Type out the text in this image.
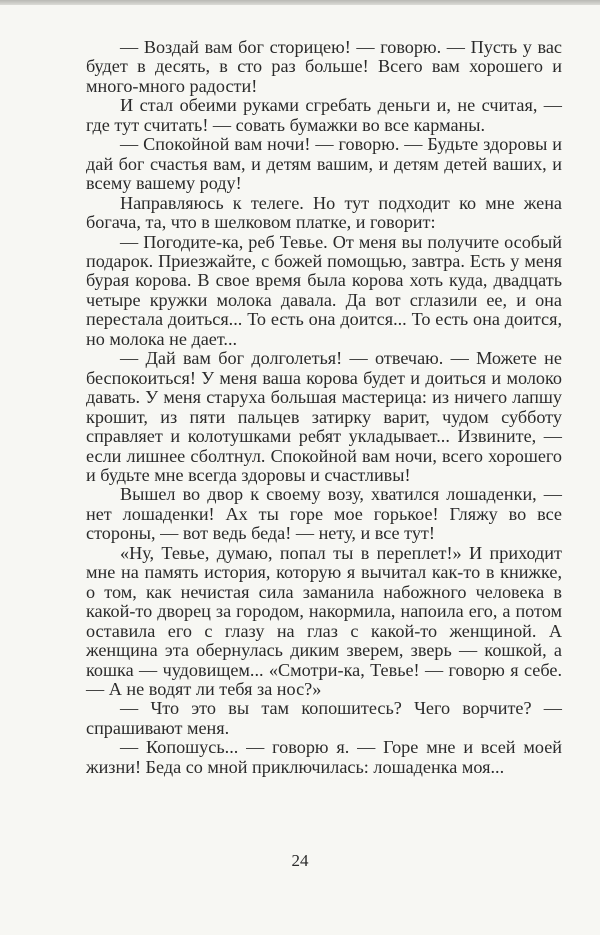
— Воздай вам бог сторицею! — говорю. — Пусть у вас будет в десять, в сто раз больше! Всего вам хорошего и много-много радости!

И стал обеими руками сгребать деньги и, не считая, — где тут считать! — совать бумажки во все карманы.

— Спокойной вам ночи! — говорю. — Будьте здоровы и дай бог счастья вам, и детям вашим, и детям детей ваших, и всему вашему роду!

Направляюсь к телеге. Но тут подходит ко мне жена богача, та, что в шелковом платке, и говорит:

— Погодите-ка, реб Тевье. От меня вы получите особый подарок. Приезжайте, с божей помощью, завтра. Есть у меня бурая корова. В свое время была корова хоть куда, двадцать четыре кружки молока давала. Да вот сглазили ее, и она перестала доиться... То есть она доится... То есть она доится, но молока не дает...

— Дай вам бог долголетья! — отвечаю. — Можете не беспокоиться! У меня ваша корова будет и доиться и молоко давать. У меня старуха большая мастерица: из ничего лапшу крошит, из пяти пальцев затирку варит, чудом субботу справляет и колотушками ребят укладывает... Извините, — если лишнее сболтнул. Спокойной вам ночи, всего хорошего и будьте мне всегда здоровы и счастливы!

Вышел во двор к своему возу, хватился лошаденки, — нет лошаденки! Ах ты горе мое горькое! Гляжу во все стороны, — вот ведь беда! — нету, и все тут!

«Ну, Тевье, думаю, попал ты в переплет!» И приходит мне на память история, которую я вычитал как-то в книжке, о том, как нечистая сила заманила набожного человека в какой-то дворец за городом, накормила, напоила его, а потом оставила его с глазу на глаз с какой-то женщиной. А женщина эта обернулась диким зверем, зверь — кошкой, а кошка — чудовищем... «Смотри-ка, Тевье! — говорю я себе. — А не водят ли тебя за нос?»

— Что это вы там копошитесь? Чего ворчите? — спрашивают меня.

— Копошусь... — говорю я. — Горе мне и всей моей жизни! Беда со мной приключилась: лошаденка моя...

24
